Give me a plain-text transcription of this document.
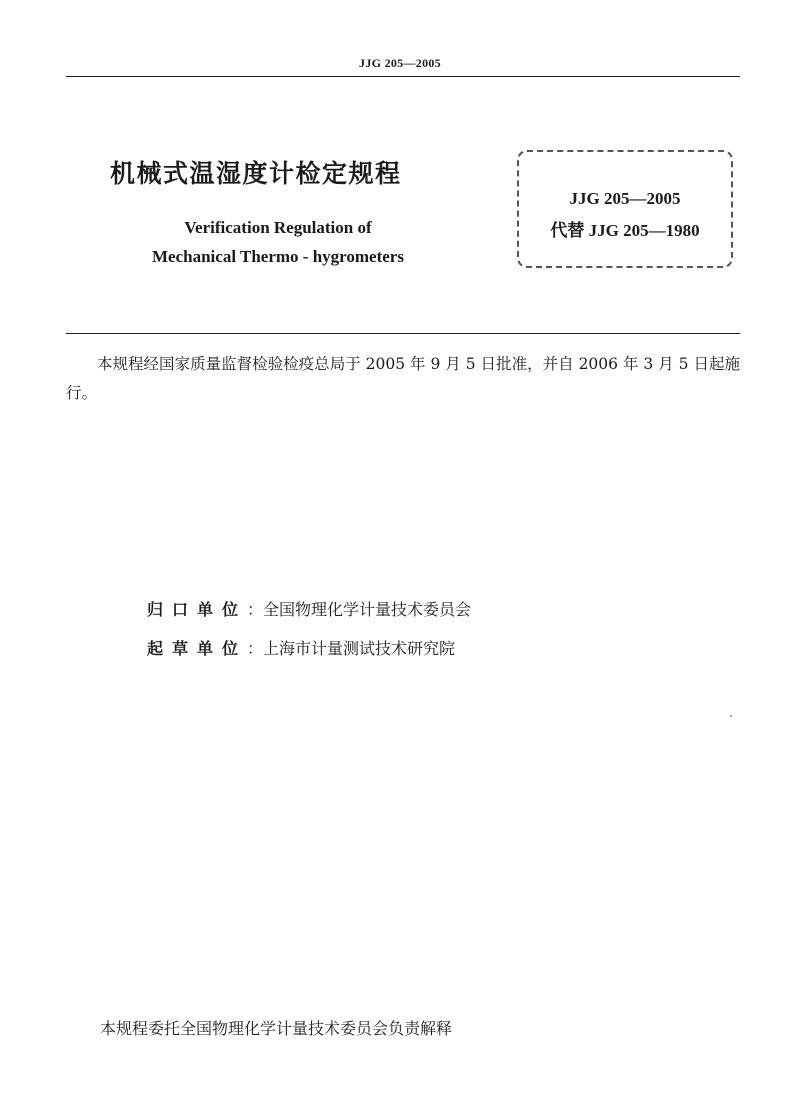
JJG 205—2005
机械式温湿度计检定规程
Verification Regulation of
Mechanical Thermo - hygrometers
JJG 205—2005
代替 JJG 205—1980
本规程经国家质量监督检验检疫总局于 2005 年 9 月 5 日批准，并自 2006 年 3 月 5 日起施行。
归口单位：全国物理化学计量技术委员会
起草单位：上海市计量测试技术研究院
本规程委托全国物理化学计量技术委员会负责解释
